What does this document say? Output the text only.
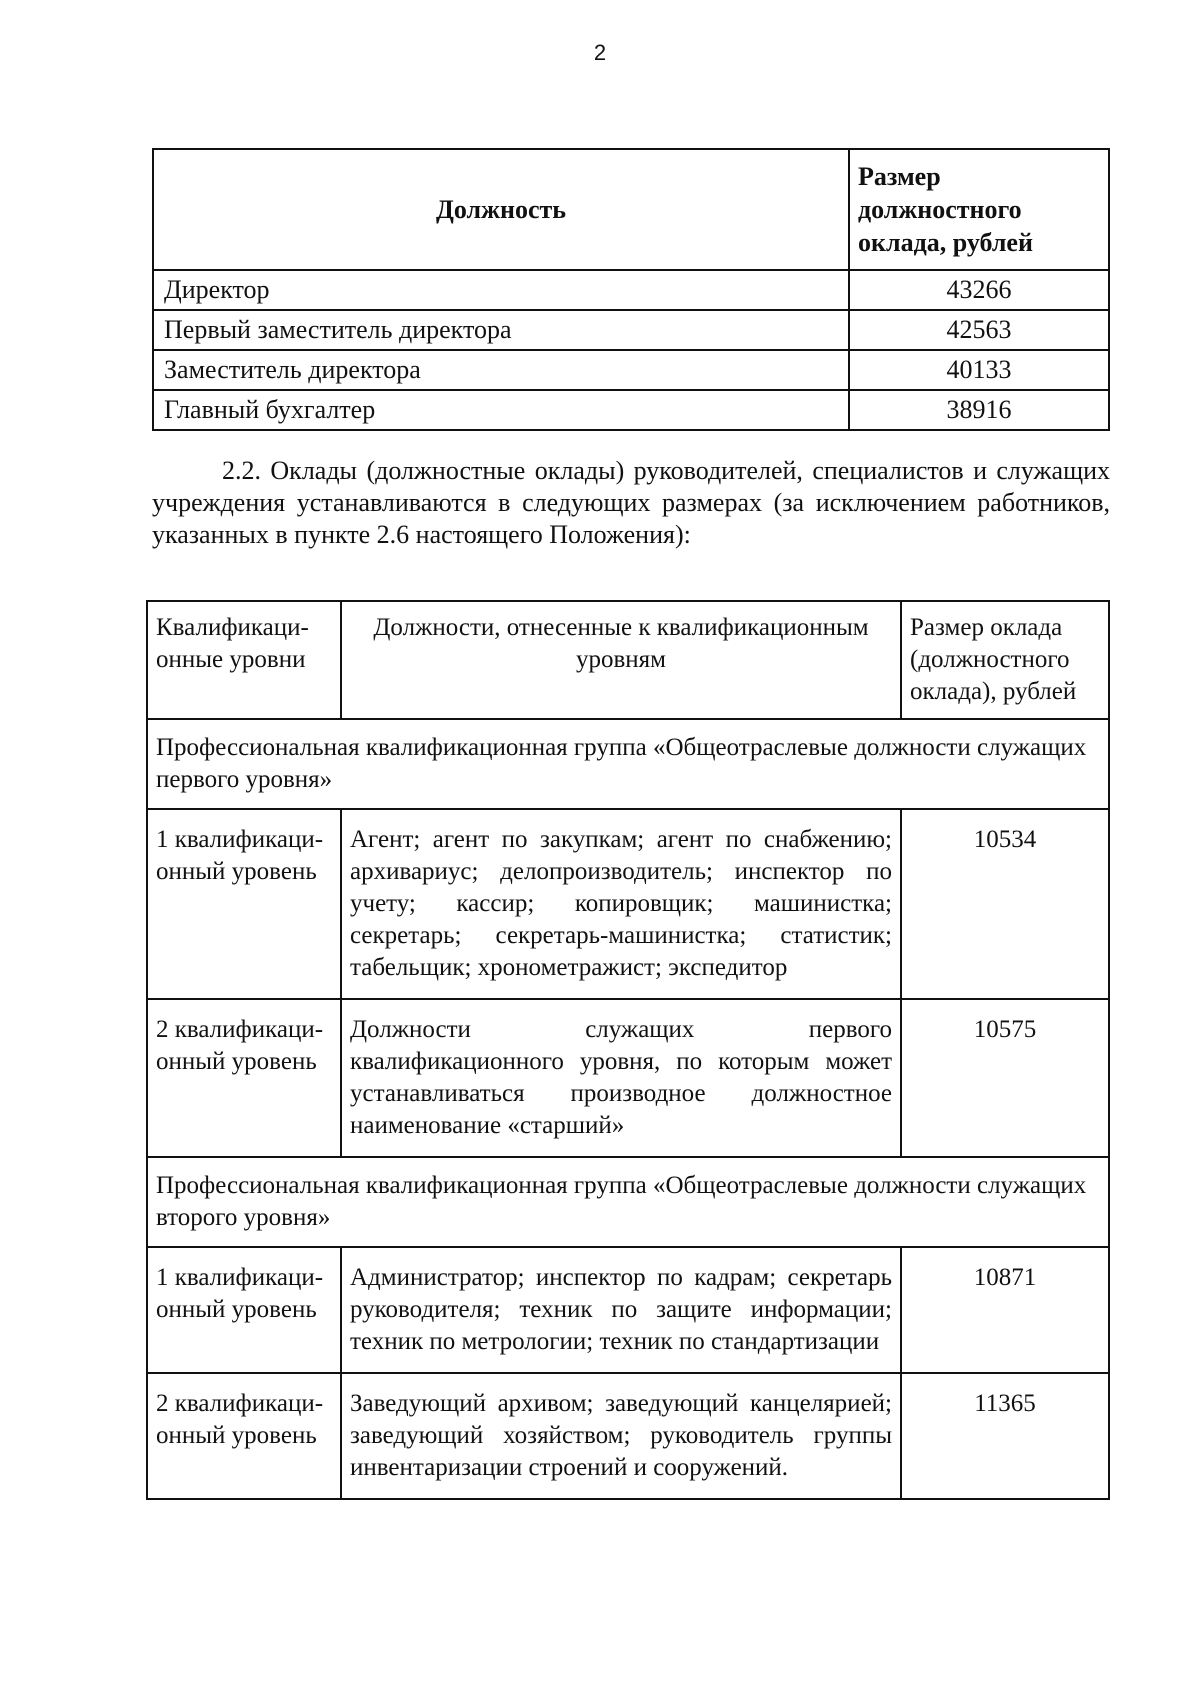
2
Должность	Размер должностного оклада, рублей
Директор	43266
Первый заместитель директора	42563
Заместитель директора	40133
Главный бухгалтер	38916

2.2. Оклады (должностные оклады) руководителей, специалистов и служащих учреждения устанавливаются в следующих размерах (за исключением работников, указанных в пункте 2.6 настоящего Положения):

Квалификаци-онные уровни	Должности, отнесенные к квалификационным уровням	Размер оклада (должностного оклада), рублей
Профессиональная квалификационная группа «Общеотраслевые должности служащих первого уровня»		
1 квалификаци-онный уровень	Агент; агент по закупкам; агент по снабжению; архивариус; делопроизводитель; инспектор по учету; кассир; копировщик; машинистка; секретарь; секретарь-машинистка; статистик; табельщик; хронометражист; экспедитор	10534
2 квалификаци-онный уровень	Должности служащих первого квалификационного уровня, по которым может устанавливаться производное должностное наименование «старший»	10575
Профессиональная квалификационная группа «Общеотраслевые должности служащих второго уровня»		
1 квалификаци-онный уровень	Администратор; инспектор по кадрам; секретарь руководителя; техник по защите информации; техник по метрологии; техник по стандартизации	10871
2 квалификаци-онный уровень	Заведующий архивом; заведующий канцелярией; заведующий хозяйством; руководитель группы инвентаризации строений и сооружений.	11365
